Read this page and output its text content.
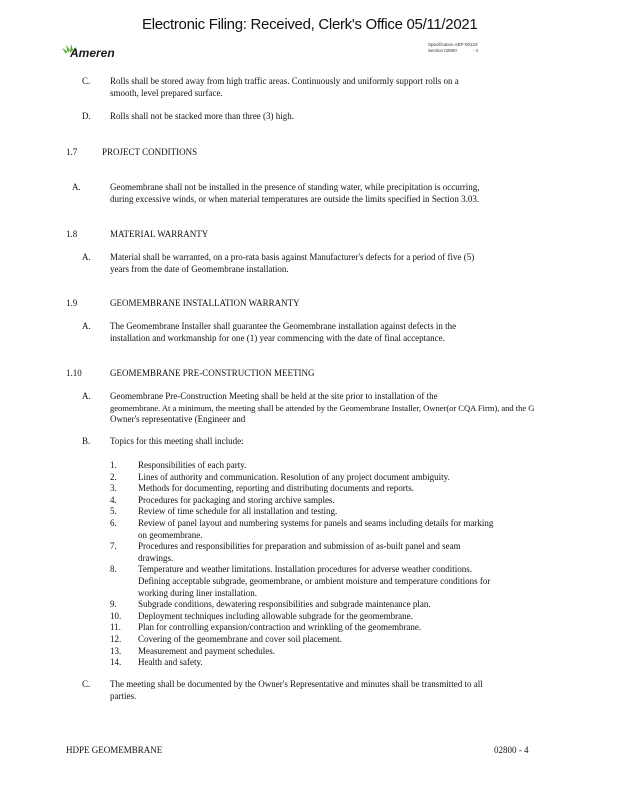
Electronic Filing: Received, Clerk's Office 05/11/2021
Ameren
Specification AEP-00123
Section 02800	- 4
C. Rolls shall be stored away from high traffic areas. Continuously and uniformly support rolls on a
smooth, level prepared surface.
D. Rolls shall not be stacked more than three (3) high.
1.7	PROJECT CONDITIONS
A.	Geomembrane shall not be installed in the presence of standing water, while precipitation is occurring,
during excessive winds, or when material temperatures are outside the limits specified in Section 3.03.
1.8	MATERIAL WARRANTY
A. Material shall be warranted, on a pro-rata basis against Manufacturer's defects for a period of five (5)
years from the date of Geomembrane installation.
1.9	GEOMEMBRANE INSTALLATION WARRANTY
A. The Geomembrane Installer shall guarantee the Geomembrane installation against defects in the
installation and workmanship for one (1) year commencing with the date of final acceptance.
1.10	GEOMEMBRANE PRE-CONSTRUCTION MEETING
A. Geomembrane Pre-Construction Meeting shall be held at the site prior to installation of the
geomembrane. At a minimum, the meeting shall be attended by the Geomembrane Installer, Owner(or CQA Firm), and the G
Owner's representative (Engineer and
B. Topics for this meeting shall include:
1. Responsibilities of each party.
2. Lines of authority and communication. Resolution of any project document ambiguity.
3. Methods for documenting, reporting and distributing documents and reports.
4. Procedures for packaging and storing archive samples.
5. Review of time schedule for all installation and testing.
6. Review of panel layout and numbering systems for panels and seams including details for marking
on geomembrane.
7. Procedures and responsibilities for preparation and submission of as-built panel and seam
drawings.
8. Temperature and weather limitations. Installation procedures for adverse weather conditions.
Defining acceptable subgrade, geomembrane, or ambient moisture and temperature conditions for
working during liner installation.
9. Subgrade conditions, dewatering responsibilities and subgrade maintenance plan.
10. Deployment techniques including allowable subgrade for the geomembrane.
11. Plan for controlling expansion/contraction and wrinkling of the geomembrane.
12. Covering of the geomembrane and cover soil placement.
13. Measurement and payment schedules.
14. Health and safety.
C. The meeting shall be documented by the Owner's Representative and minutes shall be transmitted to all
parties.
HDPE GEOMEMBRANE	02800 - 4
